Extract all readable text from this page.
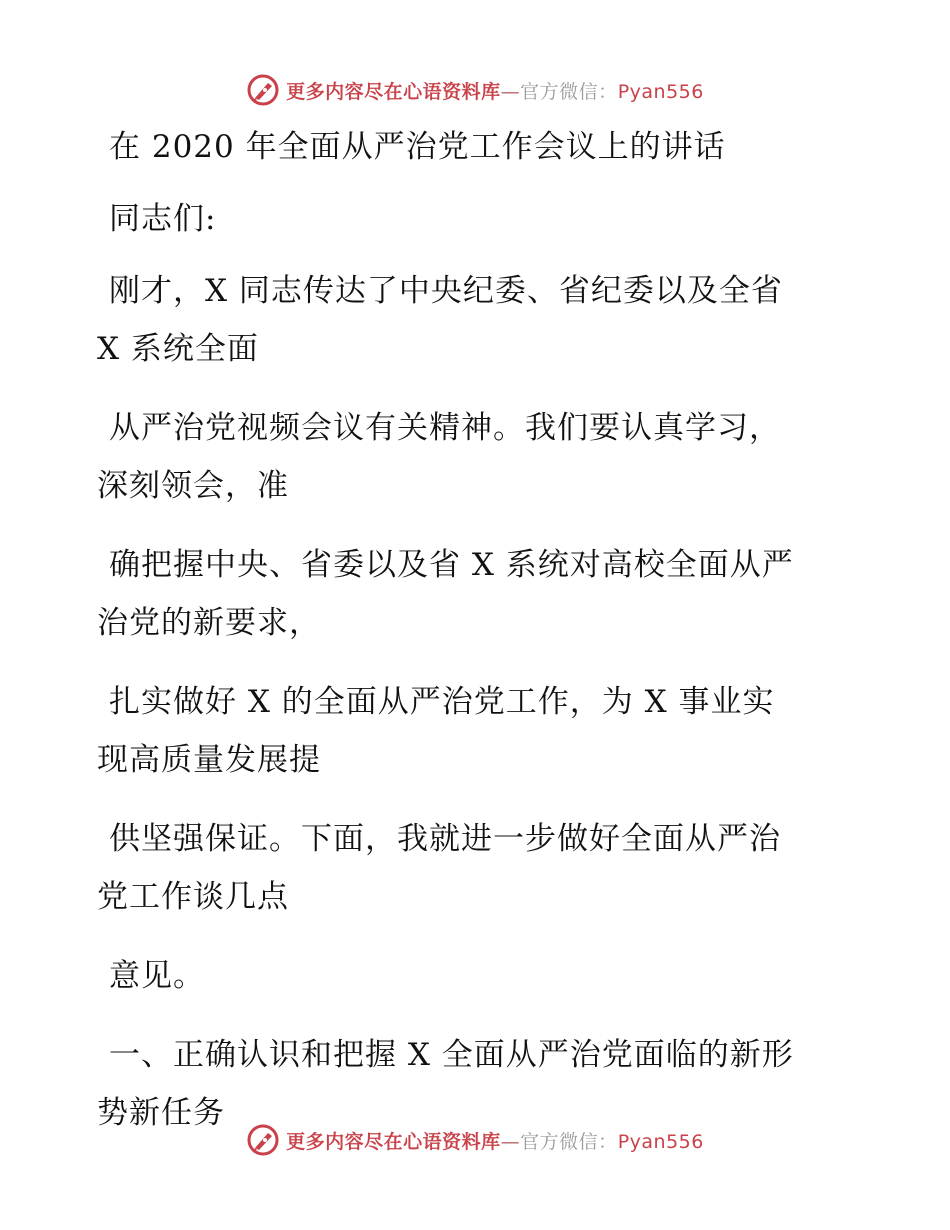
更多内容尽在心语资料库—官方微信：Pyan556
在 2020 年全面从严治党工作会议上的讲话
同志们:
刚才，X 同志传达了中央纪委、省纪委以及全省
X 系统全面
从严治党视频会议有关精神。我们要认真学习，
深刻领会，准
确把握中央、省委以及省 X 系统对高校全面从严
治党的新要求，
扎实做好 X 的全面从严治党工作，为 X 事业实
现高质量发展提
供坚强保证。下面，我就进一步做好全面从严治
党工作谈几点
意见。
一、正确认识和把握 X 全面从严治党面临的新形
势新任务
更多内容尽在心语资料库—官方微信：Pyan556
